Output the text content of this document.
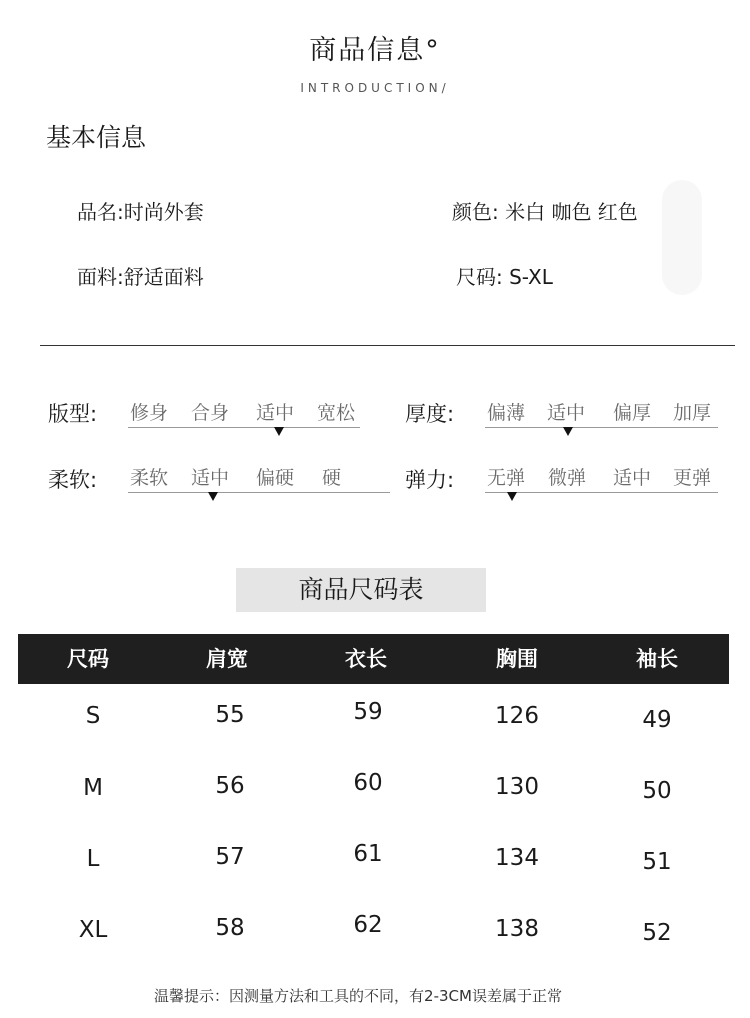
商品信息°
INTRODUCTION/
基本信息
品名:时尚外套	颜色: 米白 咖色 红色
面料:舒适面料	尺码: S-XL
版型: 修身 合身 适中 宽松 厚度: 偏薄 适中 偏厚 加厚
柔软: 柔软 适中 偏硬 硬	弹力: 无弹 微弹 适中 更弹
商品尺码表
尺码	肩宽	衣长	胸围	袖长
S	55	59	126	49
M	56	60	130	50
L	57	61	134	51
XL	58	62	138	52
温馨提示：因测量方法和工具的不同，有2-3CM误差属于正常
